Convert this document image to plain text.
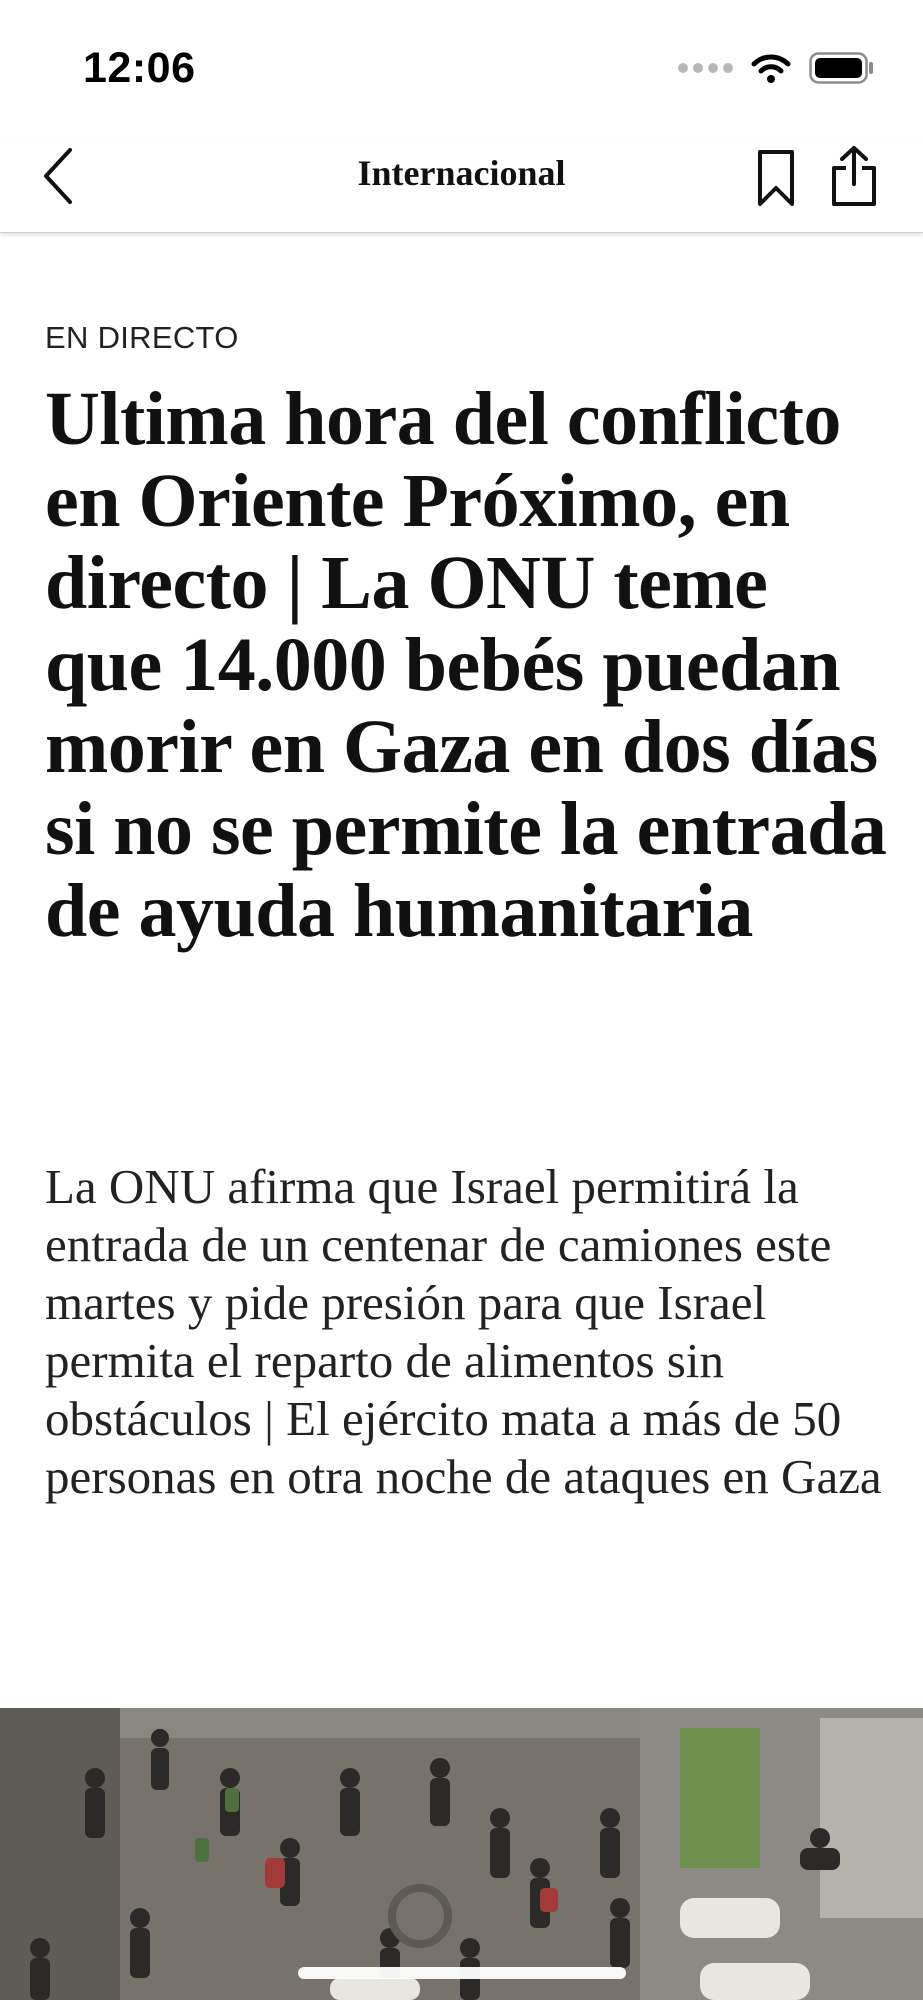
12:06
Internacional
EN DIRECTO
Ultima hora del conflicto en Oriente Próximo, en directo | La ONU teme que 14.000 bebés puedan morir en Gaza en dos días si no se permite la entrada de ayuda humanitaria

La ONU afirma que Israel permitirá la entrada de un centenar de camiones este martes y pide presión para que Israel permita el reparto de alimentos sin obstáculos | El ejército mata a más de 50 personas en otra noche de ataques en Gaza
